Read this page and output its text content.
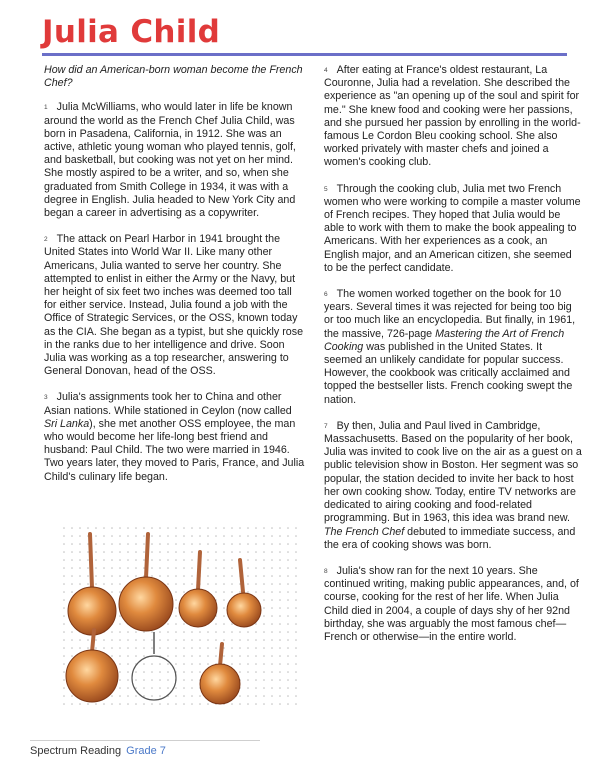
Julia Child

How did an American-born woman become the French Chef?

$^1$ Julia McWilliams, who would later in life be known around the world as the French Chef Julia Child, was born in Pasadena, California, in 1912. She was an active, athletic young woman who played tennis, golf, and basketball, but cooking was not yet on her mind. She mostly aspired to be a writer, and so, when she graduated from Smith College in 1934, it was with a degree in English. Julia headed to New York City and began a career in advertising as a copywriter.

$^2$ The attack on Pearl Harbor in 1941 brought the United States into World War II. Like many other Americans, Julia wanted to serve her country. She attempted to enlist in either the Army or the Navy, but her height of six feet two inches was deemed too tall for either service. Instead, Julia found a job with the Office of Strategic Services, or the OSS, known today as the CIA. She began as a typist, but she quickly rose in the ranks due to her intelligence and drive. Soon Julia was working as a top researcher, answering to General Donovan, head of the OSS.

$^3$ Julia's assignments took her to China and other Asian nations. While stationed in Ceylon (now called Sri Lanka), she met another OSS employee, the man who would become her life-long best friend and husband: Paul Child. The two were married in 1946. Two years later, they moved to Paris, France, and Julia Child's culinary life began.

$^4$ After eating at France's oldest restaurant, La Couronne, Julia had a revelation. She described the experience as "an opening up of the soul and spirit for me." She knew food and cooking were her passions, and she pursued her passion by enrolling in the world-famous Le Cordon Bleu cooking school. She also worked privately with master chefs and joined a women's cooking club.

$^5$ Through the cooking club, Julia met two French women who were working to compile a master volume of French recipes. They hoped that Julia would be able to work with them to make the book appealing to Americans. With her experiences as a cook, an English major, and an American citizen, she seemed to be the perfect candidate.

$^6$ The women worked together on the book for 10 years. Several times it was rejected for being too big or too much like an encyclopedia. But finally, in 1961, the massive, 726-page Mastering the Art of French Cooking was published in the United States. It seemed an unlikely candidate for popular success. However, the cookbook was critically acclaimed and topped the bestseller lists. French cooking swept the nation.

$^7$ By then, Julia and Paul lived in Cambridge, Massachusetts. Based on the popularity of her book, Julia was invited to cook live on the air as a guest on a public television show in Boston. Her segment was so popular, the station decided to invite her back to host her own cooking show. Today, entire TV networks are dedicated to airing cooking and food-related programming. But in 1963, this idea was brand new. The French Chef debuted to immediate success, and the era of cooking shows was born.

$^8$ Julia's show ran for the next 10 years. She continued writing, making public appearances, and, of course, cooking for the rest of her life. When Julia Child died in 2004, a couple of days shy of her 92nd birthday, she was arguably the most famous chef—French or otherwise—in the entire world.

Spectrum Reading Grade 7
